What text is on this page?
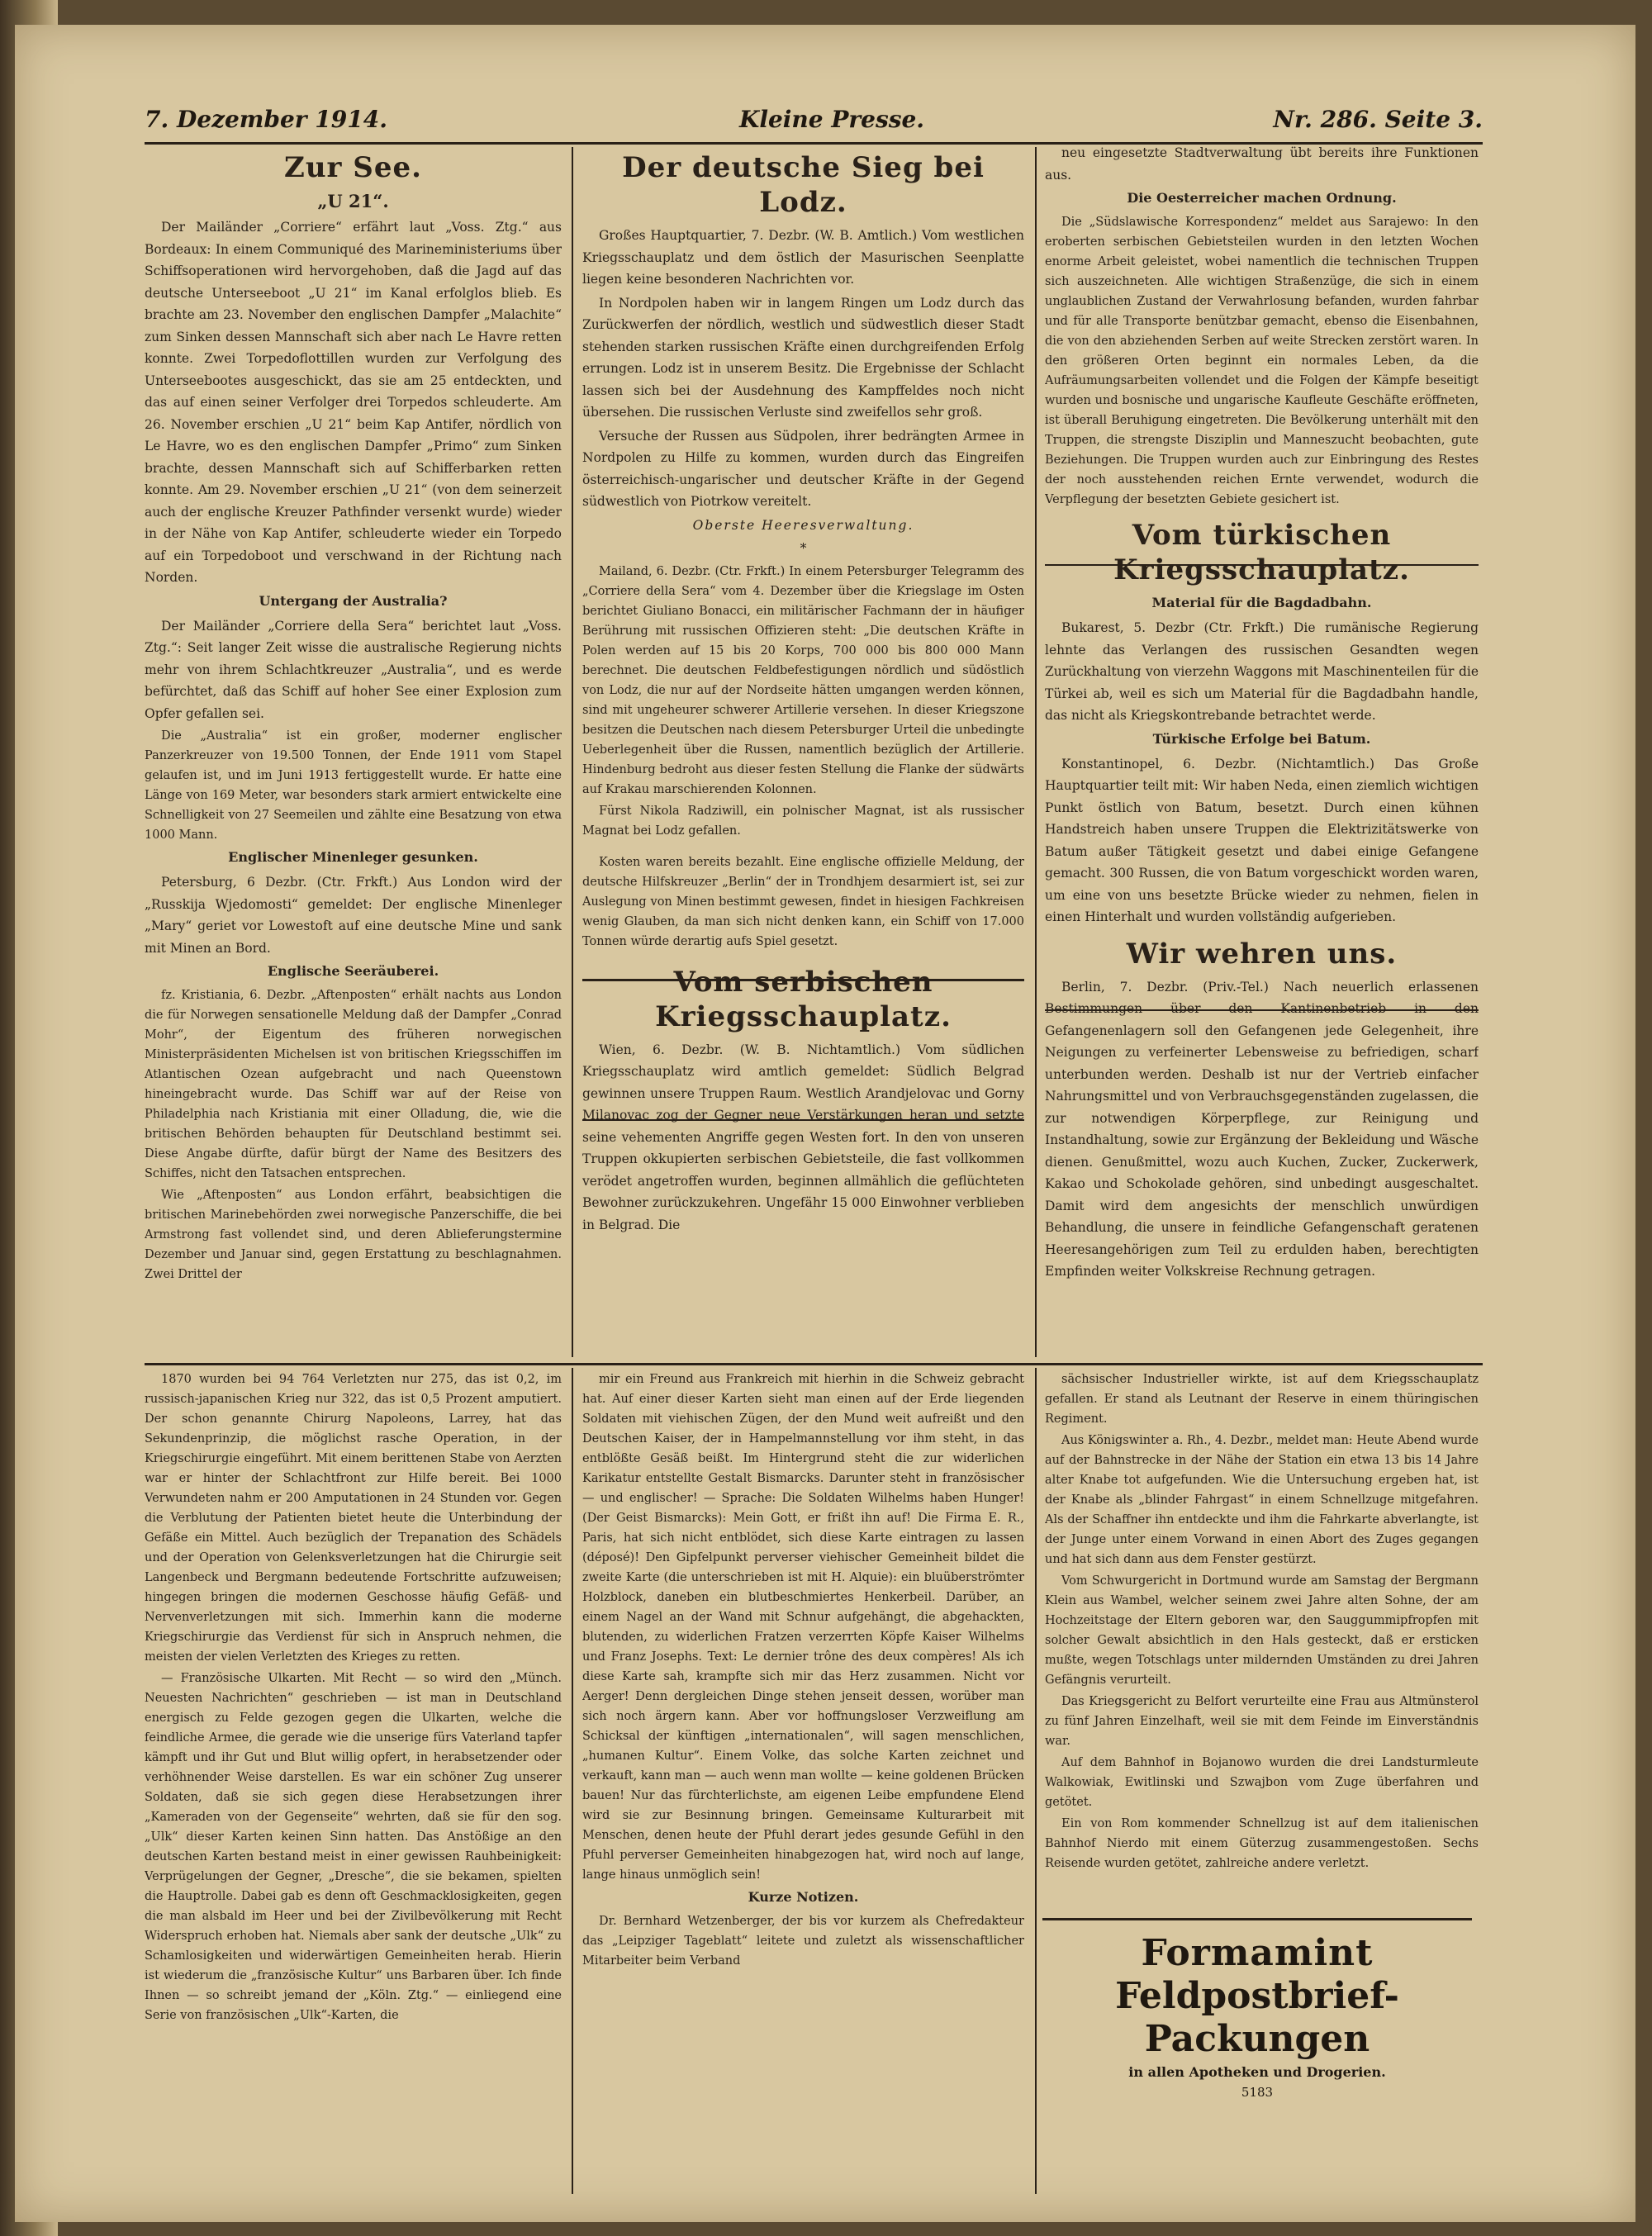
7. Dezember 1914.	Kleine Presse.	Nr. 286. Seite 3.
Zur See.
„U 21“.

Der Mailänder „Corriere“ erfährt laut „Voss. Ztg.“ aus Bordeaux: In einem Communiqué des Marineministeriums über Schiffsoperationen wird hervorgehoben, daß die Jagd auf das deutsche Unterseeboot „U 21“ im Kanal erfolglos blieb. Es brachte am 23. November den englischen Dampfer „Malachite“ zum Sinken dessen Mannschaft sich aber nach Le Havre retten konnte. Zwei Torpedoflottillen wurden zur Verfolgung des Unterseebootes ausgeschickt, das sie am 25 entdeckten, und das auf einen seiner Verfolger drei Torpedos schleuderte. Am 26. November erschien „U 21“ beim Kap Antifer, nördlich von Le Havre, wo es den englischen Dampfer „Primo“ zum Sinken brachte, dessen Mannschaft sich auf Schifferbarken retten konnte. Am 29. November erschien „U 21“ (von dem seinerzeit auch der englische Kreuzer Pathfinder versenkt wurde) wieder in der Nähe von Kap Antifer, schleuderte wieder ein Torpedo auf ein Torpedoboot und verschwand in der Richtung nach Norden.

Untergang der Australia?

Der Mailänder „Corriere della Sera“ berichtet laut „Voss. Ztg.“: Seit langer Zeit wisse die australische Regierung nichts mehr von ihrem Schlachtkreuzer „Australia“, und es werde befürchtet, daß das Schiff auf hoher See einer Explosion zum Opfer gefallen sei.

Die „Australia“ ist ein großer, moderner englischer Panzerkreuzer von 19.500 Tonnen, der Ende 1911 vom Stapel gelaufen ist, und im Juni 1913 fertiggestellt wurde. Er hatte eine Länge von 169 Meter, war besonders stark armiert entwickelte eine Schnelligkeit von 27 Seemeilen und zählte eine Besatzung von etwa 1000 Mann.

Englischer Minenleger gesunken.

Petersburg, 6 Dezbr. (Ctr. Frkft.) Aus London wird der „Russkija Wjedomosti“ gemeldet: Der englische Minenleger „Mary“ geriet vor Lowestoft auf eine deutsche Mine und sank mit Minen an Bord.

Englische Seeräuberei.

fz. Kristiania, 6. Dezbr. „Aftenposten“ erhält nachts aus London die für Norwegen sensationelle Meldung daß der Dampfer „Conrad Mohr“, der Eigentum des früheren norwegischen Ministerpräsidenten Michelsen ist von britischen Kriegsschiffen im Atlantischen Ozean aufgebracht und nach Queenstown hineingebracht wurde. Das Schiff war auf der Reise von Philadelphia nach Kristiania mit einer Olladung, die, wie die britischen Behörden behaupten für Deutschland bestimmt sei. Diese Angabe dürfte, dafür bürgt der Name des Besitzers des Schiffes, nicht den Tatsachen entsprechen.

Wie „Aftenposten“ aus London erfährt, beabsichtigen die britischen Marinebehörden zwei norwegische Panzerschiffe, die bei Armstrong fast vollendet sind, und deren Ablieferungstermine Dezember und Januar sind, gegen Erstattung zu beschlagnahmen. Zwei Drittel der

Der deutsche Sieg bei Lodz.

Großes Hauptquartier, 7. Dezbr. (W. B. Amtlich.) Vom westlichen Kriegsschauplatz und dem östlich der Masurischen Seenplatte liegen keine besonderen Nachrichten vor.

In Nordpolen haben wir in langem Ringen um Lodz durch das Zurückwerfen der nördlich, westlich und südwestlich dieser Stadt stehenden starken russischen Kräfte einen durchgreifenden Erfolg errungen. Lodz ist in unserem Besitz. Die Ergebnisse der Schlacht lassen sich bei der Ausdehnung des Kampffeldes noch nicht übersehen. Die russischen Verluste sind zweifellos sehr groß.

Versuche der Russen aus Südpolen, ihrer bedrängten Armee in Nordpolen zu Hilfe zu kommen, wurden durch das Eingreifen österreichisch-ungarischer und deutscher Kräfte in der Gegend südwestlich von Piotrkow vereitelt.

Oberste Heeresverwaltung.

*

Mailand, 6. Dezbr. (Ctr. Frkft.) In einem Petersburger Telegramm des „Corriere della Sera“ vom 4. Dezember über die Kriegslage im Osten berichtet Giuliano Bonacci, ein militärischer Fachmann der in häufiger Berührung mit russischen Offizieren steht: „Die deutschen Kräfte in Polen werden auf 15 bis 20 Korps, 700 000 bis 800 000 Mann berechnet. Die deutschen Feldbefestigungen nördlich und südöstlich von Lodz, die nur auf der Nordseite hätten umgangen werden können, sind mit ungeheurer schwerer Artillerie versehen. In dieser Kriegszone besitzen die Deutschen nach diesem Petersburger Urteil die unbedingte Ueberlegenheit über die Russen, namentlich bezüglich der Artillerie. Hindenburg bedroht aus dieser festen Stellung die Flanke der südwärts auf Krakau marschierenden Kolonnen.

Fürst Nikola Radziwill, ein polnischer Magnat, ist als russischer Magnat bei Lodz gefallen.

Kosten waren bereits bezahlt. Eine englische offizielle Meldung, der deutsche Hilfskreuzer „Berlin“ der in Trondhjem desarmiert ist, sei zur Auslegung von Minen bestimmt gewesen, findet in hiesigen Fachkreisen wenig Glauben, da man sich nicht denken kann, ein Schiff von 17.000 Tonnen würde derartig aufs Spiel gesetzt.

Vom serbischen Kriegsschauplatz.

Wien, 6. Dezbr. (W. B. Nichtamtlich.) Vom südlichen Kriegsschauplatz wird amtlich gemeldet: Südlich Belgrad gewinnen unsere Truppen Raum. Westlich Arandjelovac und Gorny Milanovac zog der Gegner neue Verstärkungen heran und setzte seine vehementen Angriffe gegen Westen fort. In den von unseren Truppen okkupierten serbischen Gebietsteile, die fast vollkommen verödet angetroffen wurden, beginnen allmählich die geflüchteten Bewohner zurückzukehren. Ungefähr 15 000 Einwohner verblieben in Belgrad. Die

neu eingesetzte Stadtverwaltung übt bereits ihre Funktionen aus.

Die Oesterreicher machen Ordnung.

Die „Südslawische Korrespondenz“ meldet aus Sarajewo: In den eroberten serbischen Gebietsteilen wurden in den letzten Wochen enorme Arbeit geleistet, wobei namentlich die technischen Truppen sich auszeichneten. Alle wichtigen Straßenzüge, die sich in einem unglaublichen Zustand der Verwahrlosung befanden, wurden fahrbar und für alle Transporte benützbar gemacht, ebenso die Eisenbahnen, die von den abziehenden Serben auf weite Strecken zerstört waren. In den größeren Orten beginnt ein normales Leben, da die Aufräumungsarbeiten vollendet und die Folgen der Kämpfe beseitigt wurden und bosnische und ungarische Kaufleute Geschäfte eröffneten, ist überall Beruhigung eingetreten. Die Bevölkerung unterhält mit den Truppen, die strengste Disziplin und Manneszucht beobachten, gute Beziehungen. Die Truppen wurden auch zur Einbringung des Restes der noch ausstehenden reichen Ernte verwendet, wodurch die Verpflegung der besetzten Gebiete gesichert ist.

Vom türkischen Kriegsschauplatz.
Material für die Bagdadbahn.

Bukarest, 5. Dezbr (Ctr. Frkft.) Die rumänische Regierung lehnte das Verlangen des russischen Gesandten wegen Zurückhaltung von vierzehn Waggons mit Maschinenteilen für die Türkei ab, weil es sich um Material für die Bagdadbahn handle, das nicht als Kriegskontrebande betrachtet werde.

Türkische Erfolge bei Batum.

Konstantinopel, 6. Dezbr. (Nichtamtlich.) Das Große Hauptquartier teilt mit: Wir haben Neda, einen ziemlich wichtigen Punkt östlich von Batum, besetzt. Durch einen kühnen Handstreich haben unsere Truppen die Elektrizitätswerke von Batum außer Tätigkeit gesetzt und dabei einige Gefangene gemacht. 300 Russen, die von Batum vorgeschickt worden waren, um eine von uns besetzte Brücke wieder zu nehmen, fielen in einen Hinterhalt und wurden vollständig aufgerieben.

Wir wehren uns.

Berlin, 7. Dezbr. (Priv.-Tel.) Nach neuerlich erlassenen Bestimmungen über den Kantinenbetrieb in den Gefangenenlagern soll den Gefangenen jede Gelegenheit, ihre Neigungen zu verfeinerter Lebensweise zu befriedigen, scharf unterbunden werden. Deshalb ist nur der Vertrieb einfacher Nahrungsmittel und von Verbrauchsgegenständen zugelassen, die zur notwendigen Körperpflege, zur Reinigung und Instandhaltung, sowie zur Ergänzung der Bekleidung und Wäsche dienen. Genußmittel, wozu auch Kuchen, Zucker, Zuckerwerk, Kakao und Schokolade gehören, sind unbedingt ausgeschaltet. Damit wird dem angesichts der menschlich unwürdigen Behandlung, die unsere in feindliche Gefangenschaft geratenen Heeresangehörigen zum Teil zu erdulden haben, berechtigten Empfinden weiter Volkskreise Rechnung getragen.

1870 wurden bei 94 764 Verletzten nur 275, das ist 0,2, im russisch-japanischen Krieg nur 322, das ist 0,5 Prozent amputiert. Der schon genannte Chirurg Napoleons, Larrey, hat das Sekundenprinzip, die möglichst rasche Operation, in der Kriegschirurgie eingeführt. Mit einem berittenen Stabe von Aerzten war er hinter der Schlachtfront zur Hilfe bereit. Bei 1000 Verwundeten nahm er 200 Amputationen in 24 Stunden vor. Gegen die Verblutung der Patienten bietet heute die Unterbindung der Gefäße ein Mittel. Auch bezüglich der Trepanation des Schädels und der Operation von Gelenksverletzungen hat die Chirurgie seit Langenbeck und Bergmann bedeutende Fortschritte aufzuweisen; hingegen bringen die modernen Geschosse häufig Gefäß- und Nervenverletzungen mit sich. Immerhin kann die moderne Kriegschirurgie das Verdienst für sich in Anspruch nehmen, die meisten der vielen Verletzten des Krieges zu retten.

— Französische Ulkarten. Mit Recht — so wird den „Münch. Neuesten Nachrichten“ geschrieben — ist man in Deutschland energisch zu Felde gezogen gegen die Ulkarten, welche die feindliche Armee, die gerade wie die unserige fürs Vaterland tapfer kämpft und ihr Gut und Blut willig opfert, in herabsetzender oder verhöhnender Weise darstellen. Es war ein schöner Zug unserer Soldaten, daß sie sich gegen diese Herabsetzungen ihrer „Kameraden von der Gegenseite“ wehrten, daß sie für den sog. „Ulk“ dieser Karten keinen Sinn hatten. Das Anstößige an den deutschen Karten bestand meist in einer gewissen Rauhbeinigkeit: Verprügelungen der Gegner, „Dresche“, die sie bekamen, spielten die Hauptrolle. Dabei gab es denn oft Geschmacklosigkeiten, gegen die man alsbald im Heer und bei der Zivilbevölkerung mit Recht Widerspruch erhoben hat. Niemals aber sank der deutsche „Ulk“ zu Schamlosigkeiten und widerwärtigen Gemeinheiten herab. Hierin ist wiederum die „französische Kultur“ uns Barbaren über. Ich finde Ihnen — so schreibt jemand der „Köln. Ztg.“ — einliegend eine Serie von französischen „Ulk“-Karten, die

mir ein Freund aus Frankreich mit hierhin in die Schweiz gebracht hat. Auf einer dieser Karten sieht man einen auf der Erde liegenden Soldaten mit viehischen Zügen, der den Mund weit aufreißt und den Deutschen Kaiser, der in Hampelmannstellung vor ihm steht, in das entblößte Gesäß beißt. Im Hintergrund steht die zur widerlichen Karikatur entstellte Gestalt Bismarcks. Darunter steht in französischer — und englischer! — Sprache: Die Soldaten Wilhelms haben Hunger! (Der Geist Bismarcks): Mein Gott, er frißt ihn auf! Die Firma E. R., Paris, hat sich nicht entblödet, sich diese Karte eintragen zu lassen (déposé)! Den Gipfelpunkt perverser viehischer Gemeinheit bildet die zweite Karte (die unterschrieben ist mit H. Alquie): ein bluüberströmter Holzblock, daneben ein blutbeschmiertes Henkerbeil. Darüber, an einem Nagel an der Wand mit Schnur aufgehängt, die abgehackten, blutenden, zu widerlichen Fratzen verzerrten Köpfe Kaiser Wilhelms und Franz Josephs. Text: Le dernier trône des deux compères! Als ich diese Karte sah, krampfte sich mir das Herz zusammen. Nicht vor Aerger! Denn dergleichen Dinge stehen jenseit dessen, worüber man sich noch ärgern kann. Aber vor hoffnungsloser Verzweiflung am Schicksal der künftigen „internationalen“, will sagen menschlichen, „humanen Kultur“. Einem Volke, das solche Karten zeichnet und verkauft, kann man — auch wenn man wollte — keine goldenen Brücken bauen! Nur das fürchterlichste, am eigenen Leibe empfundene Elend wird sie zur Besinnung bringen. Gemeinsame Kulturarbeit mit Menschen, denen heute der Pfuhl derart jedes gesunde Gefühl in den Pfuhl perverser Gemeinheiten hinabgezogen hat, wird noch auf lange, lange hinaus unmöglich sein!

Kurze Notizen.

Dr. Bernhard Wetzenberger, der bis vor kurzem als Chefredakteur das „Leipziger Tageblatt“ leitete und zuletzt als wissenschaftlicher Mitarbeiter beim Verband

sächsischer Industrieller wirkte, ist auf dem Kriegsschauplatz gefallen. Er stand als Leutnant der Reserve in einem thüringischen Regiment.

Aus Königswinter a. Rh., 4. Dezbr., meldet man: Heute Abend wurde auf der Bahnstrecke in der Nähe der Station ein etwa 13 bis 14 Jahre alter Knabe tot aufgefunden. Wie die Untersuchung ergeben hat, ist der Knabe als „blinder Fahrgast“ in einem Schnellzuge mitgefahren. Als der Schaffner ihn entdeckte und ihm die Fahrkarte abverlangte, ist der Junge unter einem Vorwand in einen Abort des Zuges gegangen und hat sich dann aus dem Fenster gestürzt.

Vom Schwurgericht in Dortmund wurde am Samstag der Bergmann Klein aus Wambel, welcher seinem zwei Jahre alten Sohne, der am Hochzeitstage der Eltern geboren war, den Sauggummipfropfen mit solcher Gewalt absichtlich in den Hals gesteckt, daß er ersticken mußte, wegen Totschlags unter mildernden Umständen zu drei Jahren Gefängnis verurteilt.

Das Kriegsgericht zu Belfort verurteilte eine Frau aus Altmünsterol zu fünf Jahren Einzelhaft, weil sie mit dem Feinde im Einverständnis war.

Auf dem Bahnhof in Bojanowo wurden die drei Landsturmleute Walkowiak, Ewitlinski und Szwajbon vom Zuge überfahren und getötet.

Ein von Rom kommender Schnellzug ist auf dem italienischen Bahnhof Nierdo mit einem Güterzug zusammengestoßen. Sechs Reisende wurden getötet, zahlreiche andere verletzt.

Formamint
Feldpostbrief-Packungen
in allen Apotheken und Drogerien.
5183
